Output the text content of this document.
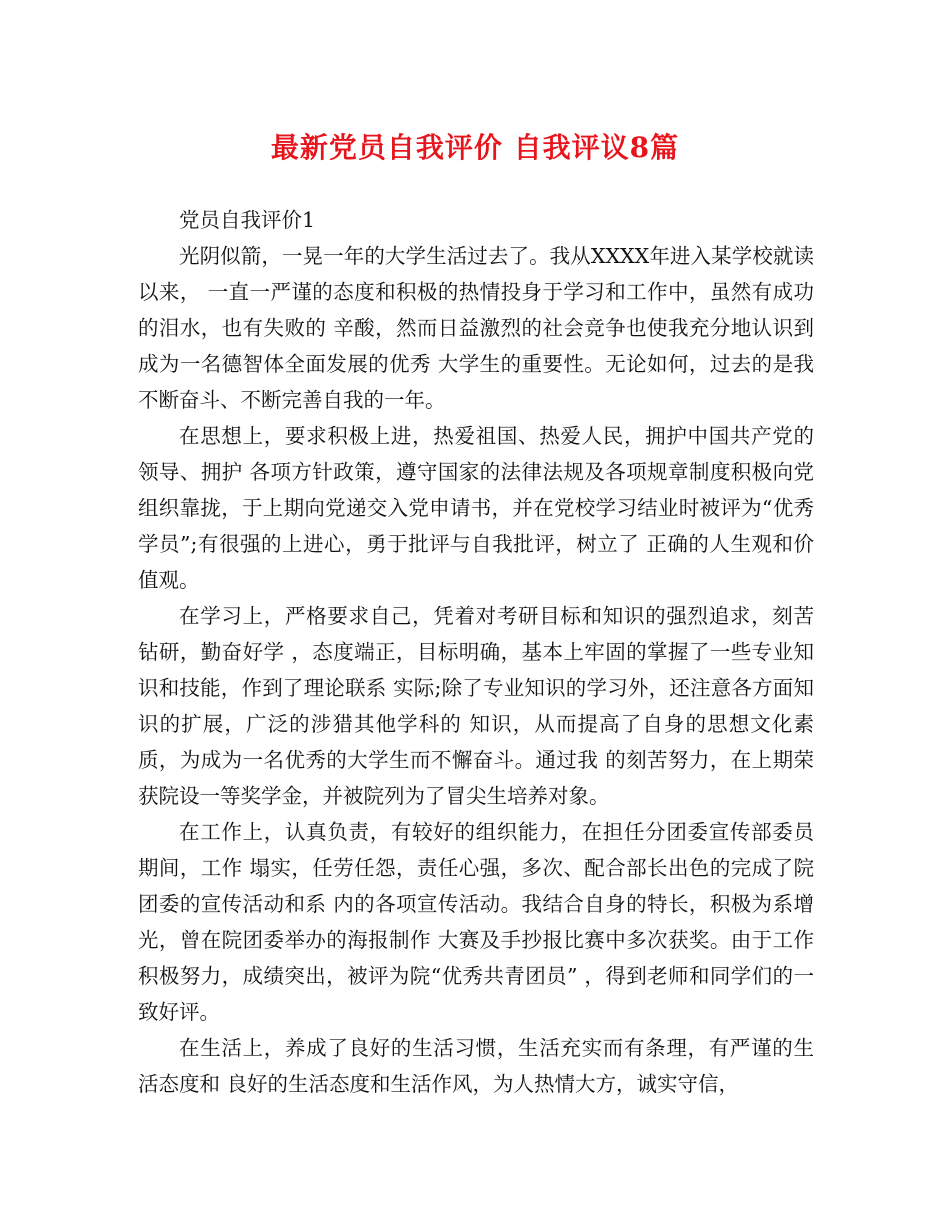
最新党员自我评价 自我评议8篇

党员自我评价1

光阴似箭，一晃一年的大学生活过去了。我从XXXX年进入某学校就读以来， 一直一严谨的态度和积极的热情投身于学习和工作中，虽然有成功的泪水，也有失败的 辛酸，然而日益激烈的社会竞争也使我充分地认识到成为一名德智体全面发展的优秀 大学生的重要性。无论如何，过去的是我不断奋斗、不断完善自我的一年。

在思想上，要求积极上进，热爱祖国、热爱人民，拥护中国共产党的领导、拥护 各项方针政策，遵守国家的法律法规及各项规章制度积极向党组织靠拢，于上期向党递交入党申请书，并在党校学习结业时被评为“优秀学员”;有很强的上进心，勇于批评与自我批评，树立了 正确的人生观和价值观。

在学习上，严格要求自己，凭着对考研目标和知识的强烈追求，刻苦钻研，勤奋好学 ，态度端正，目标明确，基本上牢固的掌握了一些专业知识和技能，作到了理论联系 实际;除了专业知识的学习外，还注意各方面知识的扩展，广泛的涉猎其他学科的 知识，从而提高了自身的思想文化素质，为成为一名优秀的大学生而不懈奋斗。通过我 的刻苦努力，在上期荣获院设一等奖学金，并被院列为了冒尖生培养对象。

在工作上，认真负责，有较好的组织能力，在担任分团委宣传部委员期间，工作 塌实，任劳任怨，责任心强，多次、配合部长出色的完成了院团委的宣传活动和系 内的各项宣传活动。我结合自身的特长，积极为系增光，曾在院团委举办的海报制作 大赛及手抄报比赛中多次获奖。由于工作积极努力，成绩突出，被评为院“优秀共青团员” ，得到老师和同学们的一致好评。

在生活上，养成了良好的生活习惯，生活充实而有条理，有严谨的生活态度和 良好的生活态度和生活作风，为人热情大方，诚实守信，
